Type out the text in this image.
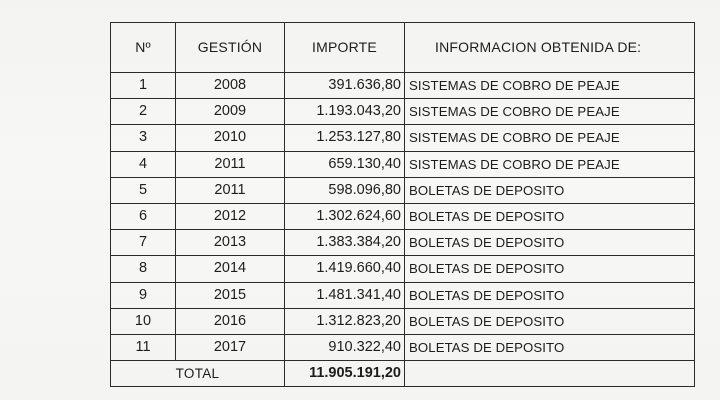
Nº	GESTIÓN	IMPORTE	INFORMACION OBTENIDA DE:
1	2008	391.636,80	SISTEMAS DE COBRO DE PEAJE
2	2009	1.193.043,20	SISTEMAS DE COBRO DE PEAJE
3	2010	1.253.127,80	SISTEMAS DE COBRO DE PEAJE
4	2011	659.130,40	SISTEMAS DE COBRO DE PEAJE
5	2011	598.096,80	BOLETAS DE DEPOSITO
6	2012	1.302.624,60	BOLETAS DE DEPOSITO
7	2013	1.383.384,20	BOLETAS DE DEPOSITO
8	2014	1.419.660,40	BOLETAS DE DEPOSITO
9	2015	1.481.341,40	BOLETAS DE DEPOSITO
10	2016	1.312.823,20	BOLETAS DE DEPOSITO
11	2017	910.322,40	BOLETAS DE DEPOSITO
TOTAL		11.905.191,20	
